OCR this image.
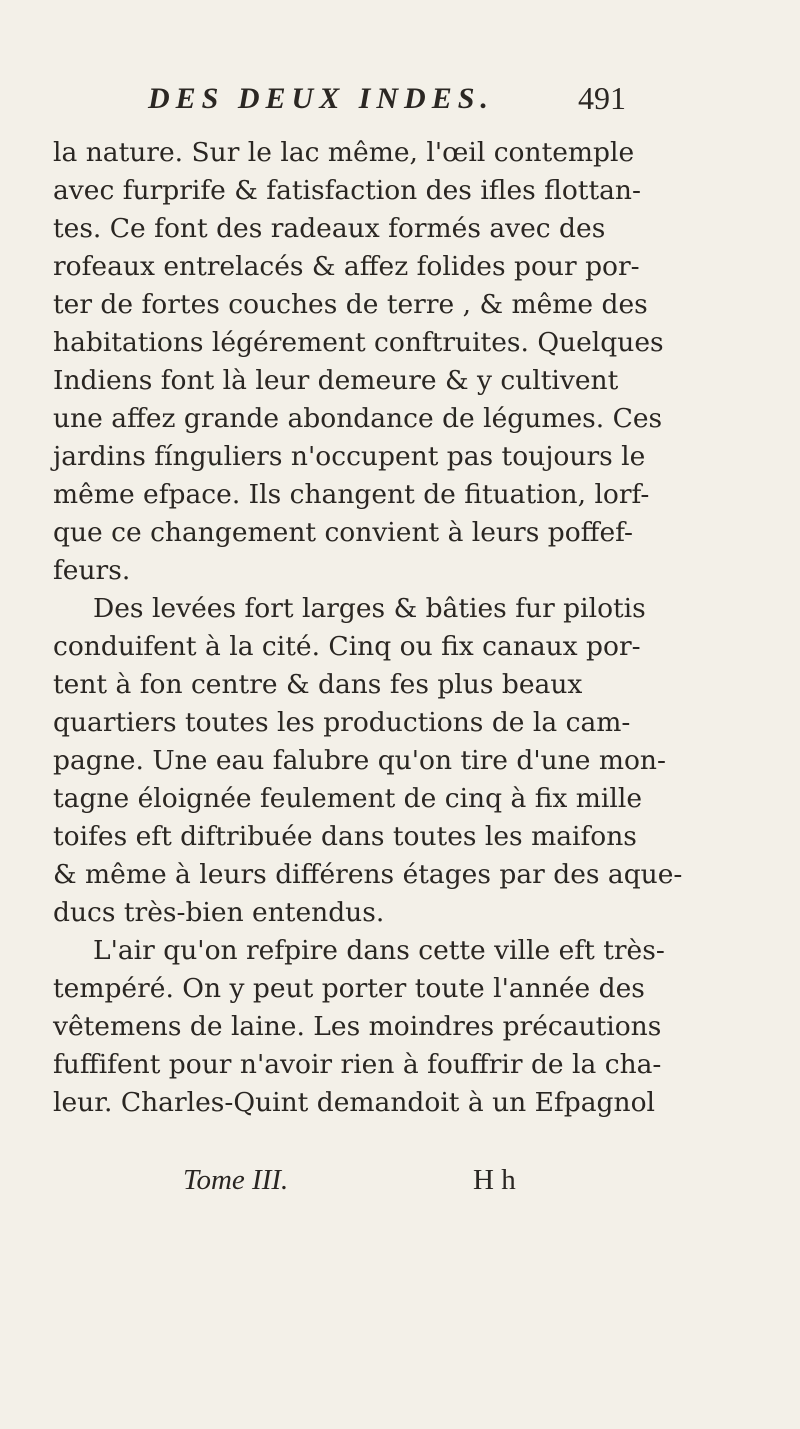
DES DEUX INDES.	491
la nature. Sur le lac même, l'œil contemple
avec furprife & fatisfaction des ifles flottan-
tes. Ce font des radeaux formés avec des
rofeaux entrelacés & affez folides pour por-
ter de fortes couches de terre , & même des
habitations légérement conftruites. Quelques
Indiens font là leur demeure & y cultivent
une affez grande abondance de légumes. Ces
jardins fínguliers n'occupent pas toujours le
même efpace. Ils changent de fituation, lorf-
que ce changement convient à leurs poffef-
feurs.
Des levées fort larges & bâties fur pilotis
conduifent à la cité. Cinq ou fix canaux por-
tent à fon centre & dans fes plus beaux
quartiers toutes les productions de la cam-
pagne. Une eau falubre qu'on tire d'une mon-
tagne éloignée feulement de cinq à fix mille
toifes eft diftribuée dans toutes les maifons
& même à leurs différens étages par des aque-
ducs très-bien entendus.
L'air qu'on refpire dans cette ville eft très-
tempéré. On y peut porter toute l'année des
vêtemens de laine. Les moindres précautions
fuffifent pour n'avoir rien à fouffrir de la cha-
leur. Charles-Quint demandoit à un Efpagnol
Tome III.	H h
